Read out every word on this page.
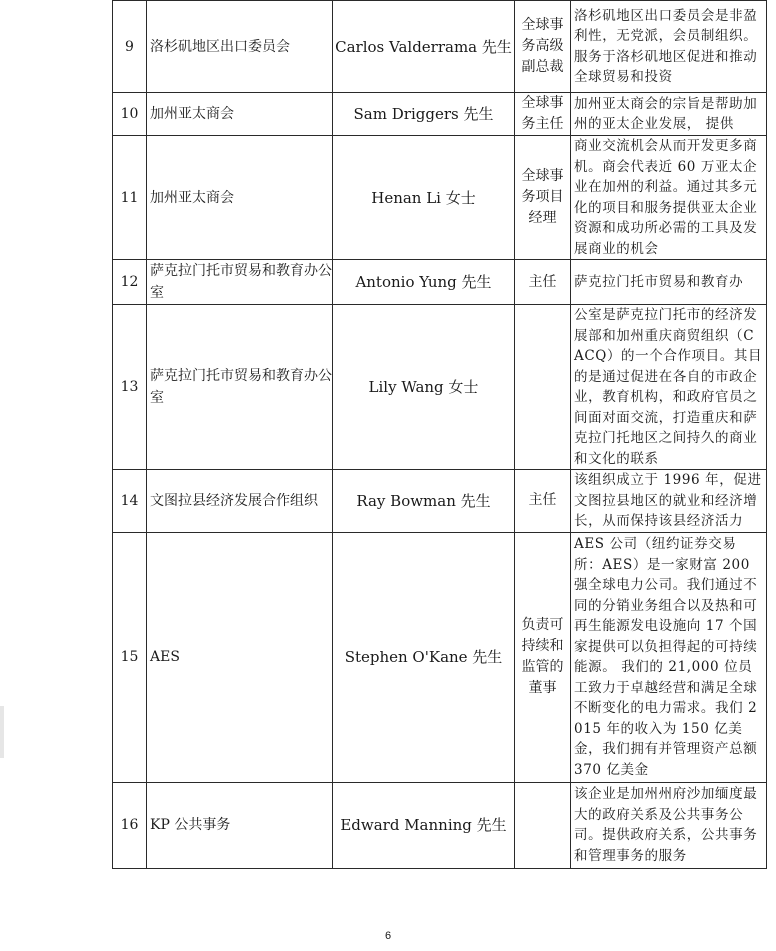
9	洛杉矶地区出口委员会	Carlos Valderrama 先生	全球事务高级副总裁	洛杉矶地区出口委员会是非盈利性，无党派，会员制组织。服务于洛杉矶地区促进和推动全球贸易和投资
10	加州亚太商会	Sam Driggers 先生	全球事务主任	加州亚太商会的宗旨是帮助加州的亚太企业发展， 提供
11	加州亚太商会	Henan Li 女士	全球事务项目经理	商业交流机会从而开发更多商机。商会代表近 60 万亚太企业在加州的利益。通过其多元化的项目和服务提供亚太企业资源和成功所必需的工具及发展商业的机会
12	萨克拉门托市贸易和教育办公室	Antonio Yung 先生	主任	萨克拉门托市贸易和教育办
13	萨克拉门托市贸易和教育办公室	Lily Wang 女士		公室是萨克拉门托市的经济发展部和加州重庆商贸组织（CACQ）的一个合作项目。其目的是通过促进在各自的市政企业，教育机构，和政府官员之间面对面交流，打造重庆和萨克拉门托地区之间持久的商业和文化的联系
14	文图拉县经济发展合作组织	Ray Bowman 先生	主任	该组织成立于 1996 年，促进文图拉县地区的就业和经济增长，从而保持该县经济活力
15	AES	Stephen O'Kane 先生	负责可持续和监管的董事	AES 公司（纽约证券交易所：AES）是一家财富 200 强全球电力公司。我们通过不同的分销业务组合以及热和可再生能源发电设施向 17 个国家提供可以负担得起的可持续能源。 我们的 21,000 位员工致力于卓越经营和满足全球不断变化的电力需求。我们 2015 年的收入为 150 亿美金，我们拥有并管理资产总额 370 亿美金
16	KP 公共事务	Edward Manning 先生		该企业是加州州府沙加缅度最大的政府关系及公共事务公司。提供政府关系，公共事务和管理事务的服务
6
